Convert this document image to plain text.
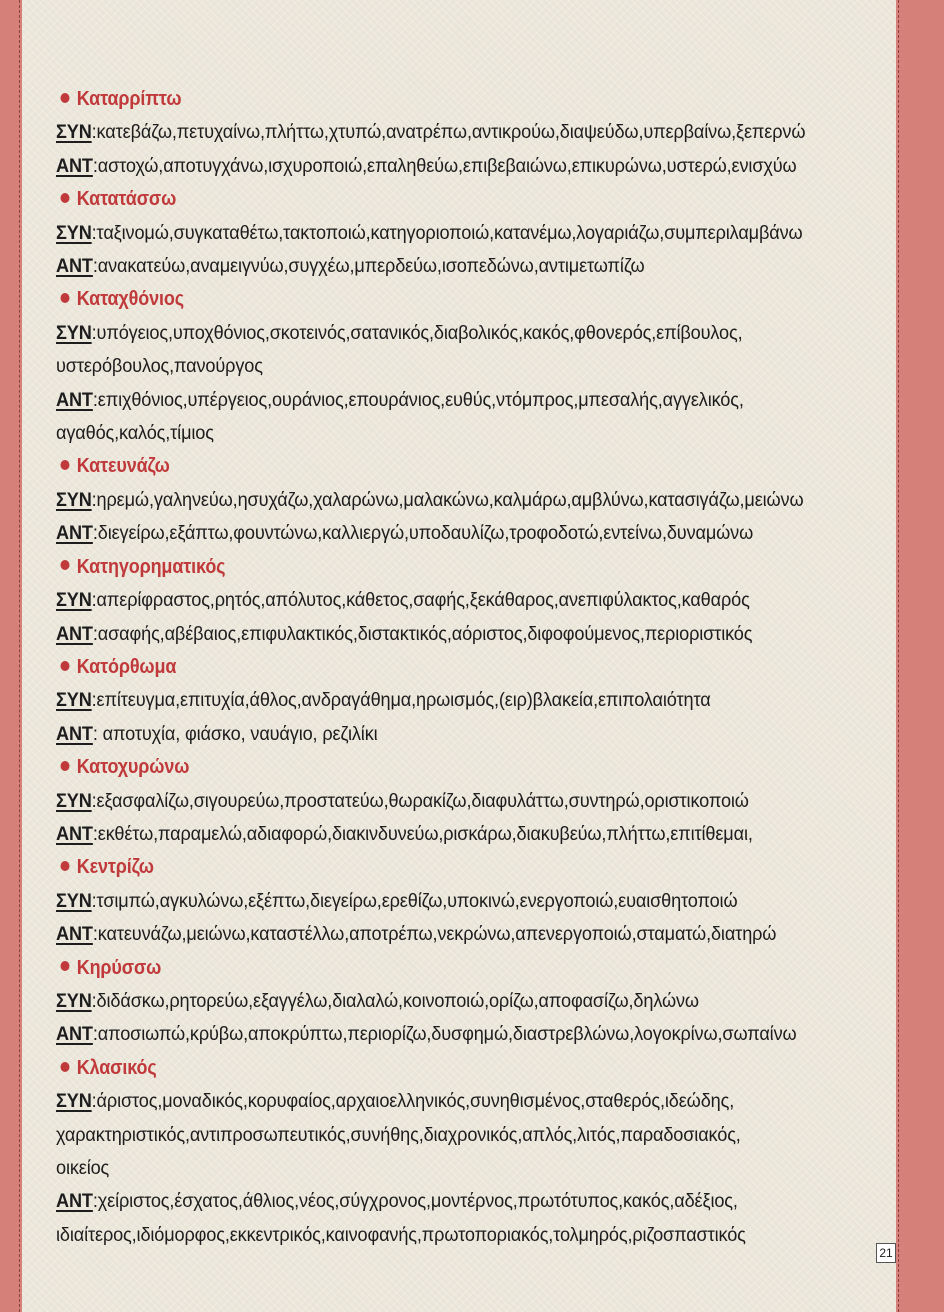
Καταρρίπτω
ΣΥΝ:κατεβάζω,πετυχαίνω,πλήττω,χτυπώ,ανατρέπω,αντικρούω,διαψεύδω,υπερβαίνω,ξεπερνώ
ΑΝΤ:αστοχώ,αποτυγχάνω,ισχυροποιώ,επαληθεύω,επιβεβαιώνω,επικυρώνω,υστερώ,ενισχύω
Κατατάσσω
ΣΥΝ:ταξινομώ,συγκαταθέτω,τακτοποιώ,κατηγοριοποιώ,κατανέμω,λογαριάζω,συμπεριλαμβάνω
ΑΝΤ:ανακατεύω,αναμειγνύω,συγχέω,μπερδεύω,ισοπεδώνω,αντιμετωπίζω
Καταχθόνιος
ΣΥΝ:υπόγειος,υποχθόνιος,σκοτεινός,σατανικός,διαβολικός,κακός,φθονερός,επίβουλος,
υστερόβουλος,πανούργος
ΑΝΤ:επιχθόνιος,υπέργειος,ουράνιος,επουράνιος,ευθύς,ντόμπρος,μπεσαλής,αγγελικός,
αγαθός,καλός,τίμιος
Κατευνάζω
ΣΥΝ:ηρεμώ,γαληνεύω,ησυχάζω,χαλαρώνω,μαλακώνω,καλμάρω,αμβλύνω,κατασιγάζω,μειώνω
ΑΝΤ:διεγείρω,εξάπτω,φουντώνω,καλλιεργώ,υποδαυλίζω,τροφοδοτώ,εντείνω,δυναμώνω
Κατηγορηματικός
ΣΥΝ:απερίφραστος,ρητός,απόλυτος,κάθετος,σαφής,ξεκάθαρος,ανεπιφύλακτος,καθαρός
ΑΝΤ:ασαφής,αβέβαιος,επιφυλακτικός,διστακτικός,αόριστος,διφοφούμενος,περιοριστικός
Κατόρθωμα
ΣΥΝ:επίτευγμα,επιτυχία,άθλος,ανδραγάθημα,ηρωισμός,(ειρ)βλακεία,επιπολαιότητα
ΑΝΤ: αποτυχία, φιάσκο, ναυάγιο, ρεζιλίκι
Κατοχυρώνω
ΣΥΝ:εξασφαλίζω,σιγουρεύω,προστατεύω,θωρακίζω,διαφυλάττω,συντηρώ,οριστικοποιώ
ΑΝΤ:εκθέτω,παραμελώ,αδιαφορώ,διακινδυνεύω,ρισκάρω,διακυβεύω,πλήττω,επιτίθεμαι,
Κεντρίζω
ΣΥΝ:τσιμπώ,αγκυλώνω,εξέπτω,διεγείρω,ερεθίζω,υποκινώ,ενεργοποιώ,ευαισθητοποιώ
ΑΝΤ:κατευνάζω,μειώνω,καταστέλλω,αποτρέπω,νεκρώνω,απενεργοποιώ,σταματώ,διατηρώ
Κηρύσσω
ΣΥΝ:διδάσκω,ρητορεύω,εξαγγέλω,διαλαλώ,κοινοποιώ,ορίζω,αποφασίζω,δηλώνω
ΑΝΤ:αποσιωπώ,κρύβω,αποκρύπτω,περιορίζω,δυσφημώ,διαστρεβλώνω,λογοκρίνω,σωπαίνω
Κλασικός
ΣΥΝ:άριστος,μοναδικός,κορυφαίος,αρχαιοελληνικός,συνηθισμένος,σταθερός,ιδεώδης,
χαρακτηριστικός,αντιπροσωπευτικός,συνήθης,διαχρονικός,απλός,λιτός,παραδοσιακός,
οικείος
ΑΝΤ:χείριστος,έσχατος,άθλιος,νέος,σύγχρονος,μοντέρνος,πρωτότυπος,κακός,αδέξιος,
ιδιαίτερος,ιδιόμορφος,εκκεντρικός,καινοφανής,πρωτοποριακός,τολμηρός,ριζοσπαστικός
21
